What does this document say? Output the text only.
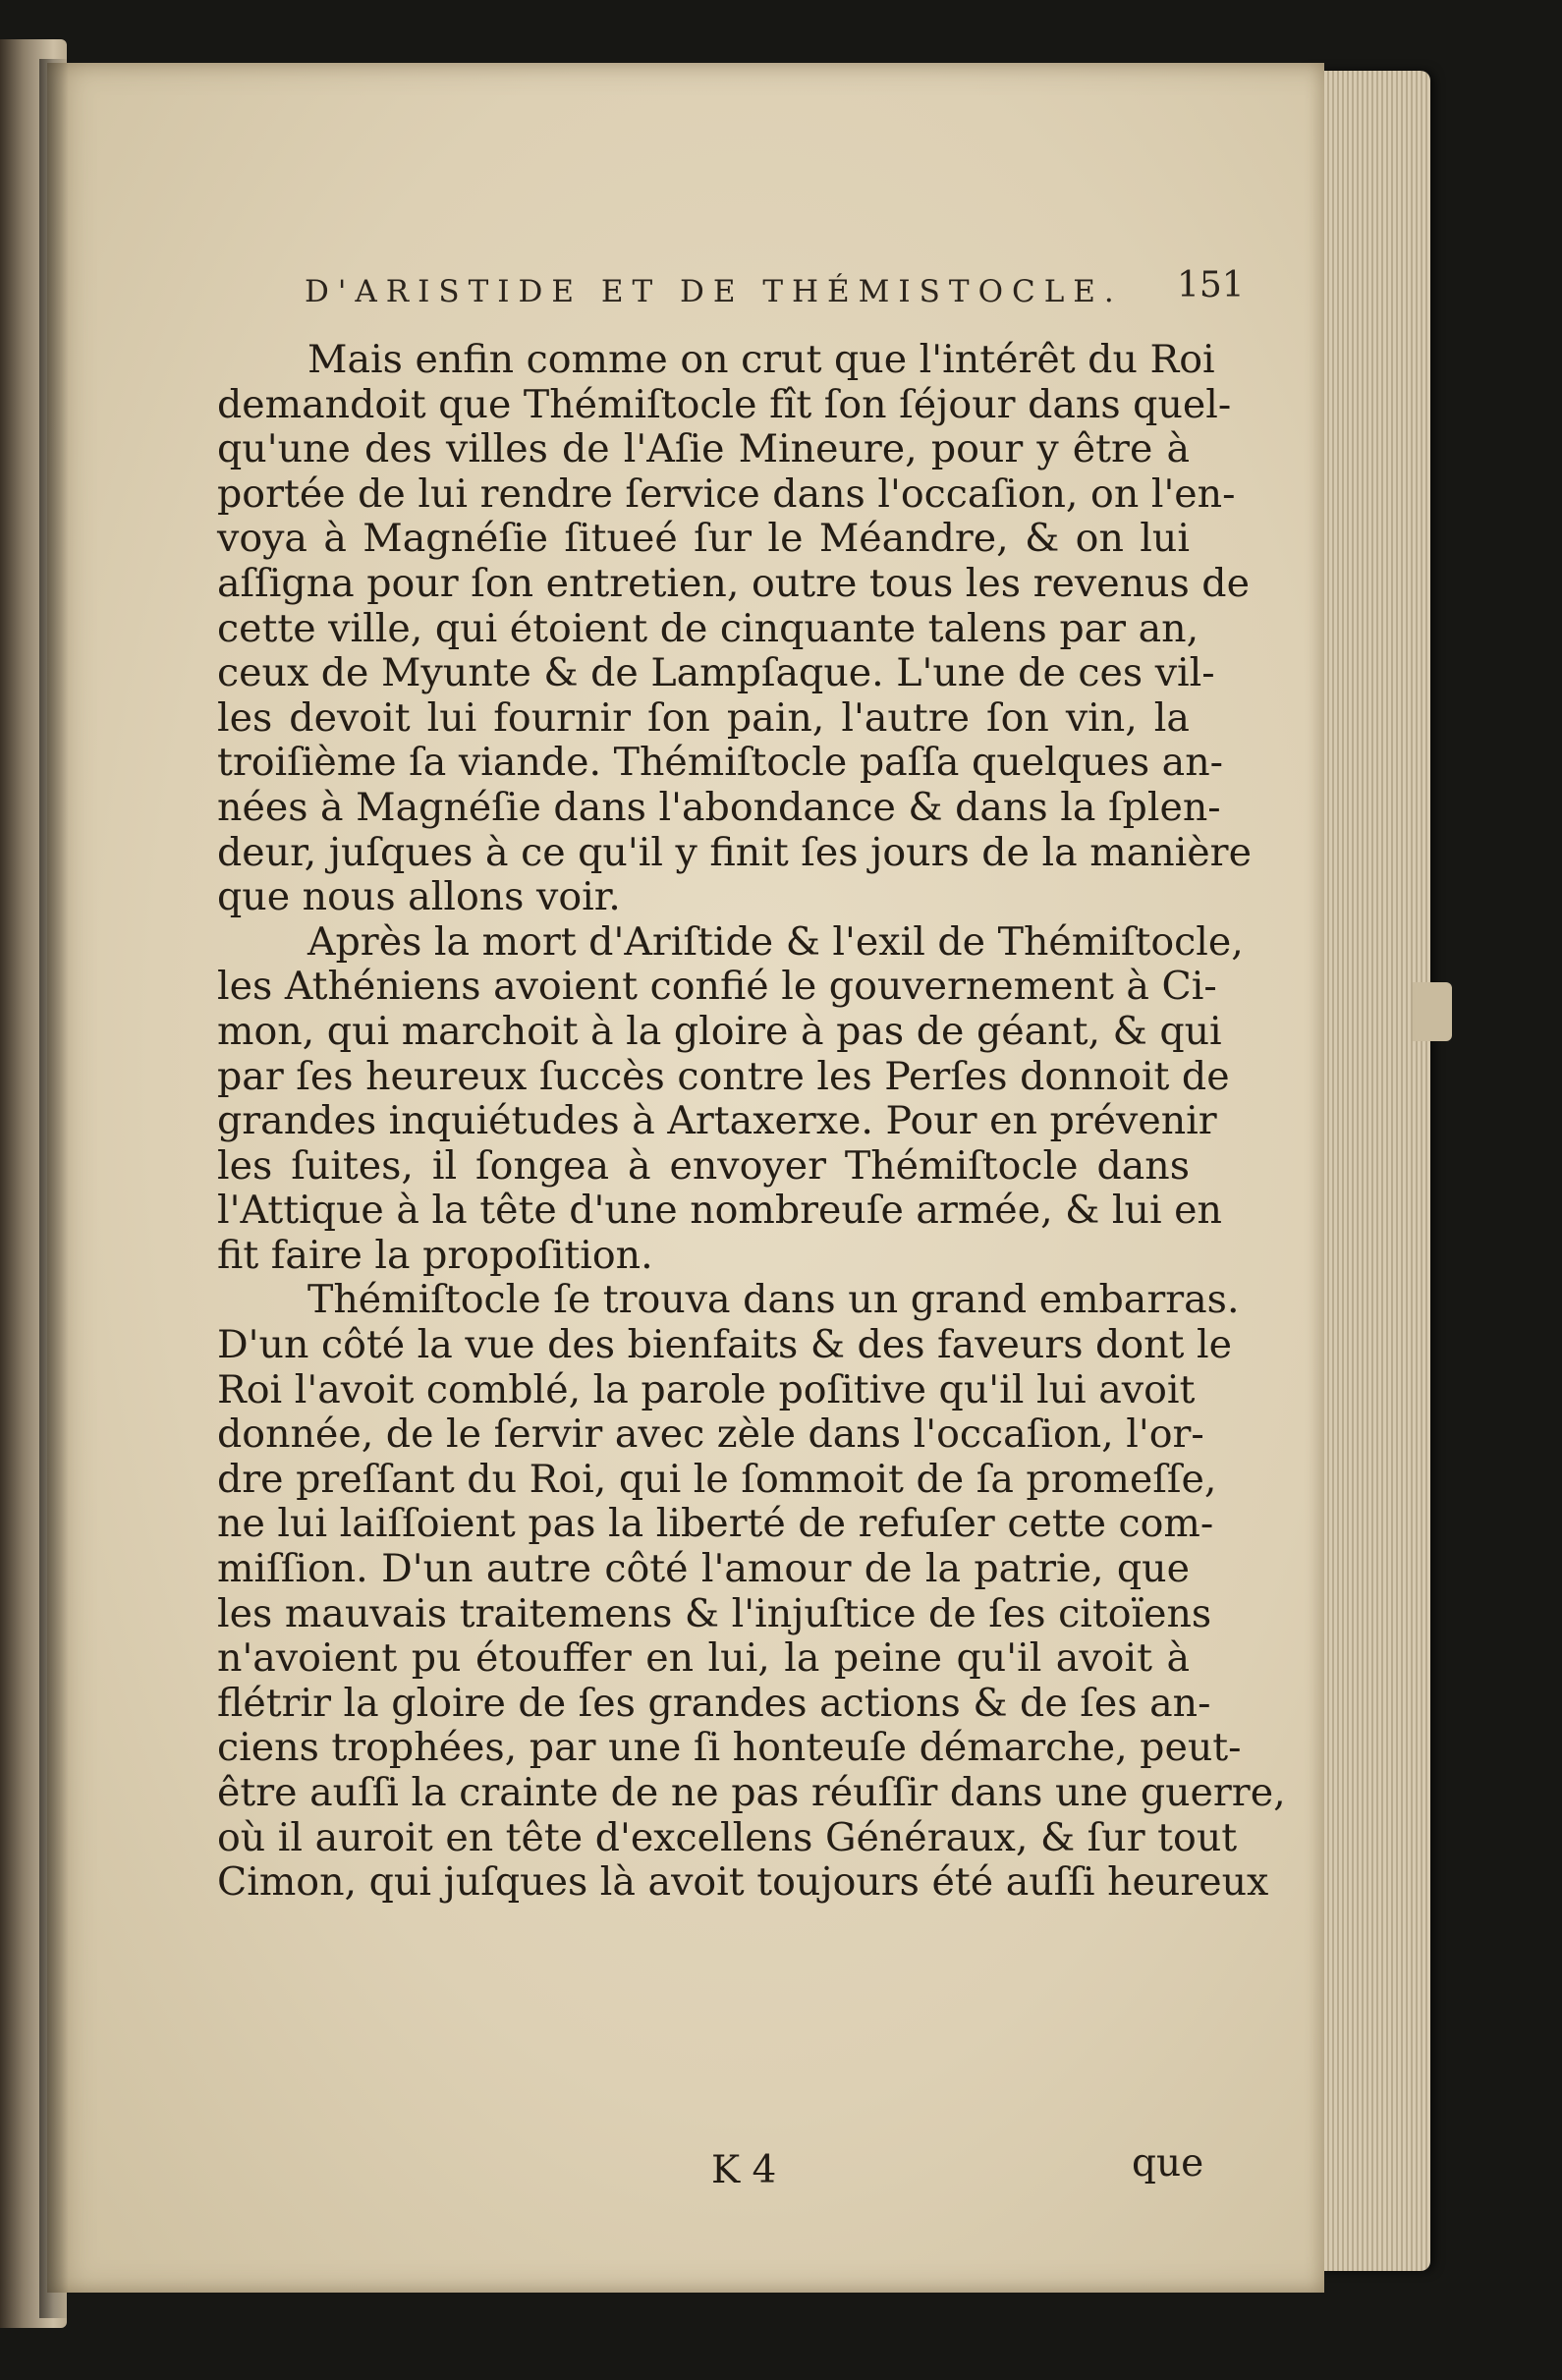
D'ARISTIDE ET DE THÉMISTOCLE.	151
Mais enfin comme on crut que l'intérêt du Roi
demandoit que Thémiſtocle fît ſon ſéjour dans quel-
qu'une des villes de l'Aſie Mineure, pour y être à
portée de lui rendre ſervice dans l'occaſion, on l'en-
voya à Magnéſie ſitueé ſur le Méandre, & on lui
aſſigna pour ſon entretien, outre tous les revenus de
cette ville, qui étoient de cinquante talens par an,
ceux de Myunte & de Lampſaque. L'une de ces vil-
les devoit lui fournir ſon pain, l'autre ſon vin, la
troiſième ſa viande. Thémiſtocle paſſa quelques an-
nées à Magnéſie dans l'abondance & dans la ſplen-
deur, juſques à ce qu'il y finit ſes jours de la manière
que nous allons voir.
Après la mort d'Ariſtide & l'exil de Thémiſtocle,
les Athéniens avoient confié le gouvernement à Ci-
mon, qui marchoit à la gloire à pas de géant, & qui
par ſes heureux ſuccès contre les Perſes donnoit de
grandes inquiétudes à Artaxerxe. Pour en prévenir
les ſuites, il ſongea à envoyer Thémiſtocle dans
l'Attique à la tête d'une nombreuſe armée, & lui en
fit faire la propoſition.
Thémiſtocle ſe trouva dans un grand embarras.
D'un côté la vue des bienfaits & des faveurs dont le
Roi l'avoit comblé, la parole poſitive qu'il lui avoit
donnée, de le ſervir avec zèle dans l'occaſion, l'or-
dre preſſant du Roi, qui le ſommoit de ſa promeſſe,
ne lui laiſſoient pas la liberté de refuſer cette com-
miſſion. D'un autre côté l'amour de la patrie, que
les mauvais traitemens & l'injuſtice de ſes citoïens
n'avoient pu étouffer en lui, la peine qu'il avoit à
flétrir la gloire de ſes grandes actions & de ſes an-
ciens trophées, par une ſi honteuſe démarche, peut-
être auſſi la crainte de ne pas réuſſir dans une guerre,
où il auroit en tête d'excellens Généraux, & ſur tout
Cimon, qui juſques là avoit toujours été auſſi heureux
K 4	que
